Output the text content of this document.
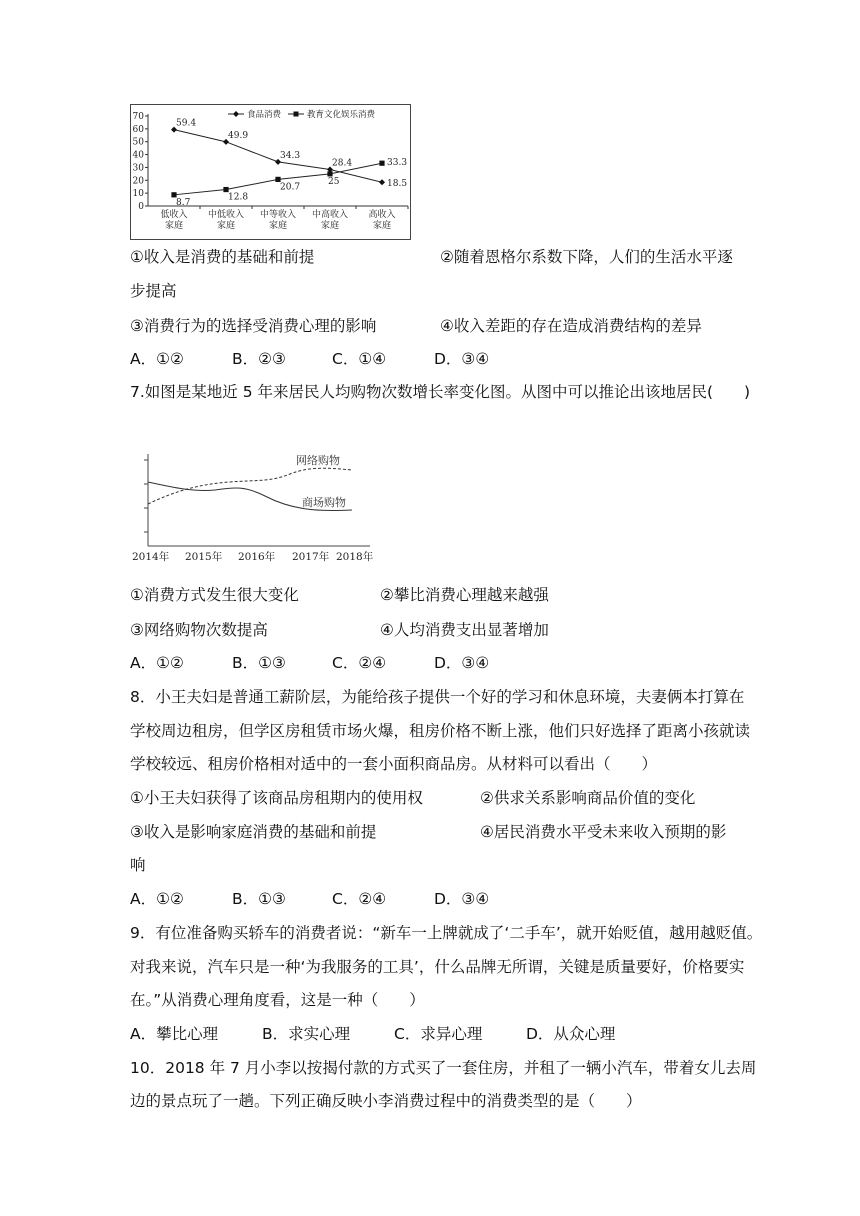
0
10
20
30
40
50
60
70
低收入
家庭
中低收入
家庭
中等收入
家庭
中高收入
家庭
高收入
家庭
59.4
49.9
34.3
28.4
18.5
8.7
12.8
20.7
25
33.3
食品消费	教育文化娱乐消费
①收入是消费的基础和前提	②随着恩格尔系数下降，人们的生活水平逐
步提高
③消费行为的选择受消费心理的影响	④收入差距的存在造成消费结构的差异
A．①②	B．②③	C．①④	D．③④
7.如图是某地近 5 年来居民人均购物次数增长率变化图。从图中可以推论出该地居民(　　)
网络购物
商场购物
2014年 2015年 2016年 2017年 2018年
①消费方式发生很大变化	②攀比消费心理越来越强
③网络购物次数提高	④人均消费支出显著增加
A．①②	B．①③	C．②④	D．③④
8．小王夫妇是普通工薪阶层，为能给孩子提供一个好的学习和休息环境，夫妻俩本打算在
学校周边租房，但学区房租赁市场火爆，租房价格不断上涨，他们只好选择了距离小孩就读
学校较远、租房价格相对适中的一套小面积商品房。从材料可以看出（　　）
①小王夫妇获得了该商品房租期内的使用权	②供求关系影响商品价值的变化
③收入是影响家庭消费的基础和前提	④居民消费水平受未来收入预期的影
响
A．①②	B．①③	C．②④	D．③④
9．有位准备购买轿车的消费者说：“新车一上牌就成了‘二手车’，就开始贬值，越用越贬值。
对我来说，汽车只是一种‘为我服务的工具’，什么品牌无所谓，关键是质量要好，价格要实
在。”从消费心理角度看，这是一种（　　）
A．攀比心理	B．求实心理	C．求异心理	D．从众心理
10．2018 年 7 月小李以按揭付款的方式买了一套住房，并租了一辆小汽车，带着女儿去周
边的景点玩了一趟。下列正确反映小李消费过程中的消费类型的是（　　）
